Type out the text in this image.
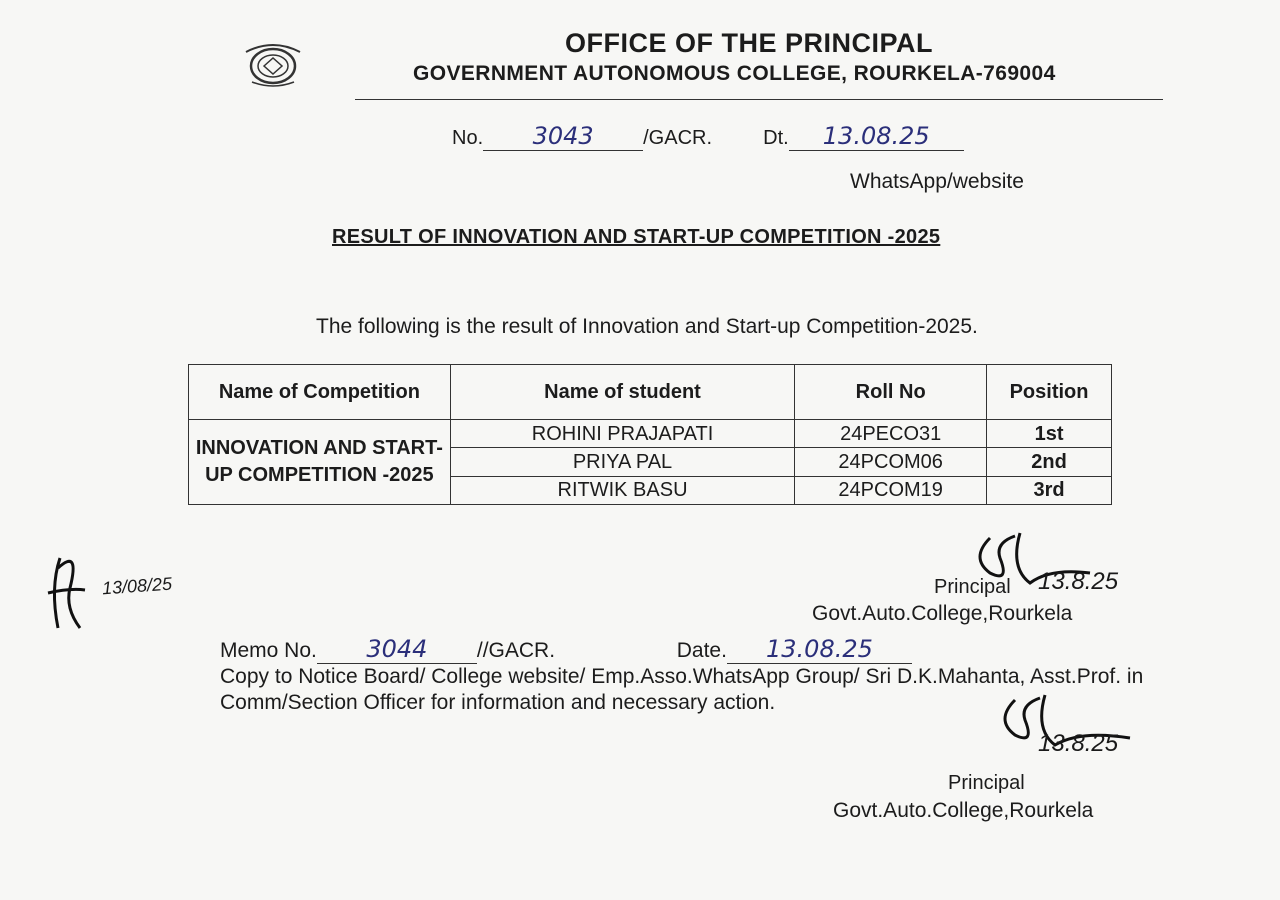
OFFICE OF THE PRINCIPAL
GOVERNMENT AUTONOMOUS COLLEGE, ROURKELA-769004
No. 3043 /GACR.	Dt. 13.08.25
WhatsApp/website
RESULT OF INNOVATION AND START-UP COMPETITION -2025
The following is the result of Innovation and Start-up Competition-2025.
Name of Competition	Name of student	Roll No	Position
INNOVATION AND START-UP COMPETITION -2025	ROHINI PRAJAPATI	24PECO31	1st
	PRIYA PAL	24PCOM06	2nd
	RITWIK BASU	24PCOM19	3rd
13/08/25	13.8.25
Principal
Govt.Auto.College,Rourkela
Memo No. 3044 //GACR.	Date. 13.08.25
Copy to Notice Board/ College website/ Emp.Asso.WhatsApp Group/ Sri D.K.Mahanta, Asst.Prof. in Comm/Section Officer for information and necessary action.
13.8.25
Principal
Govt.Auto.College,Rourkela
